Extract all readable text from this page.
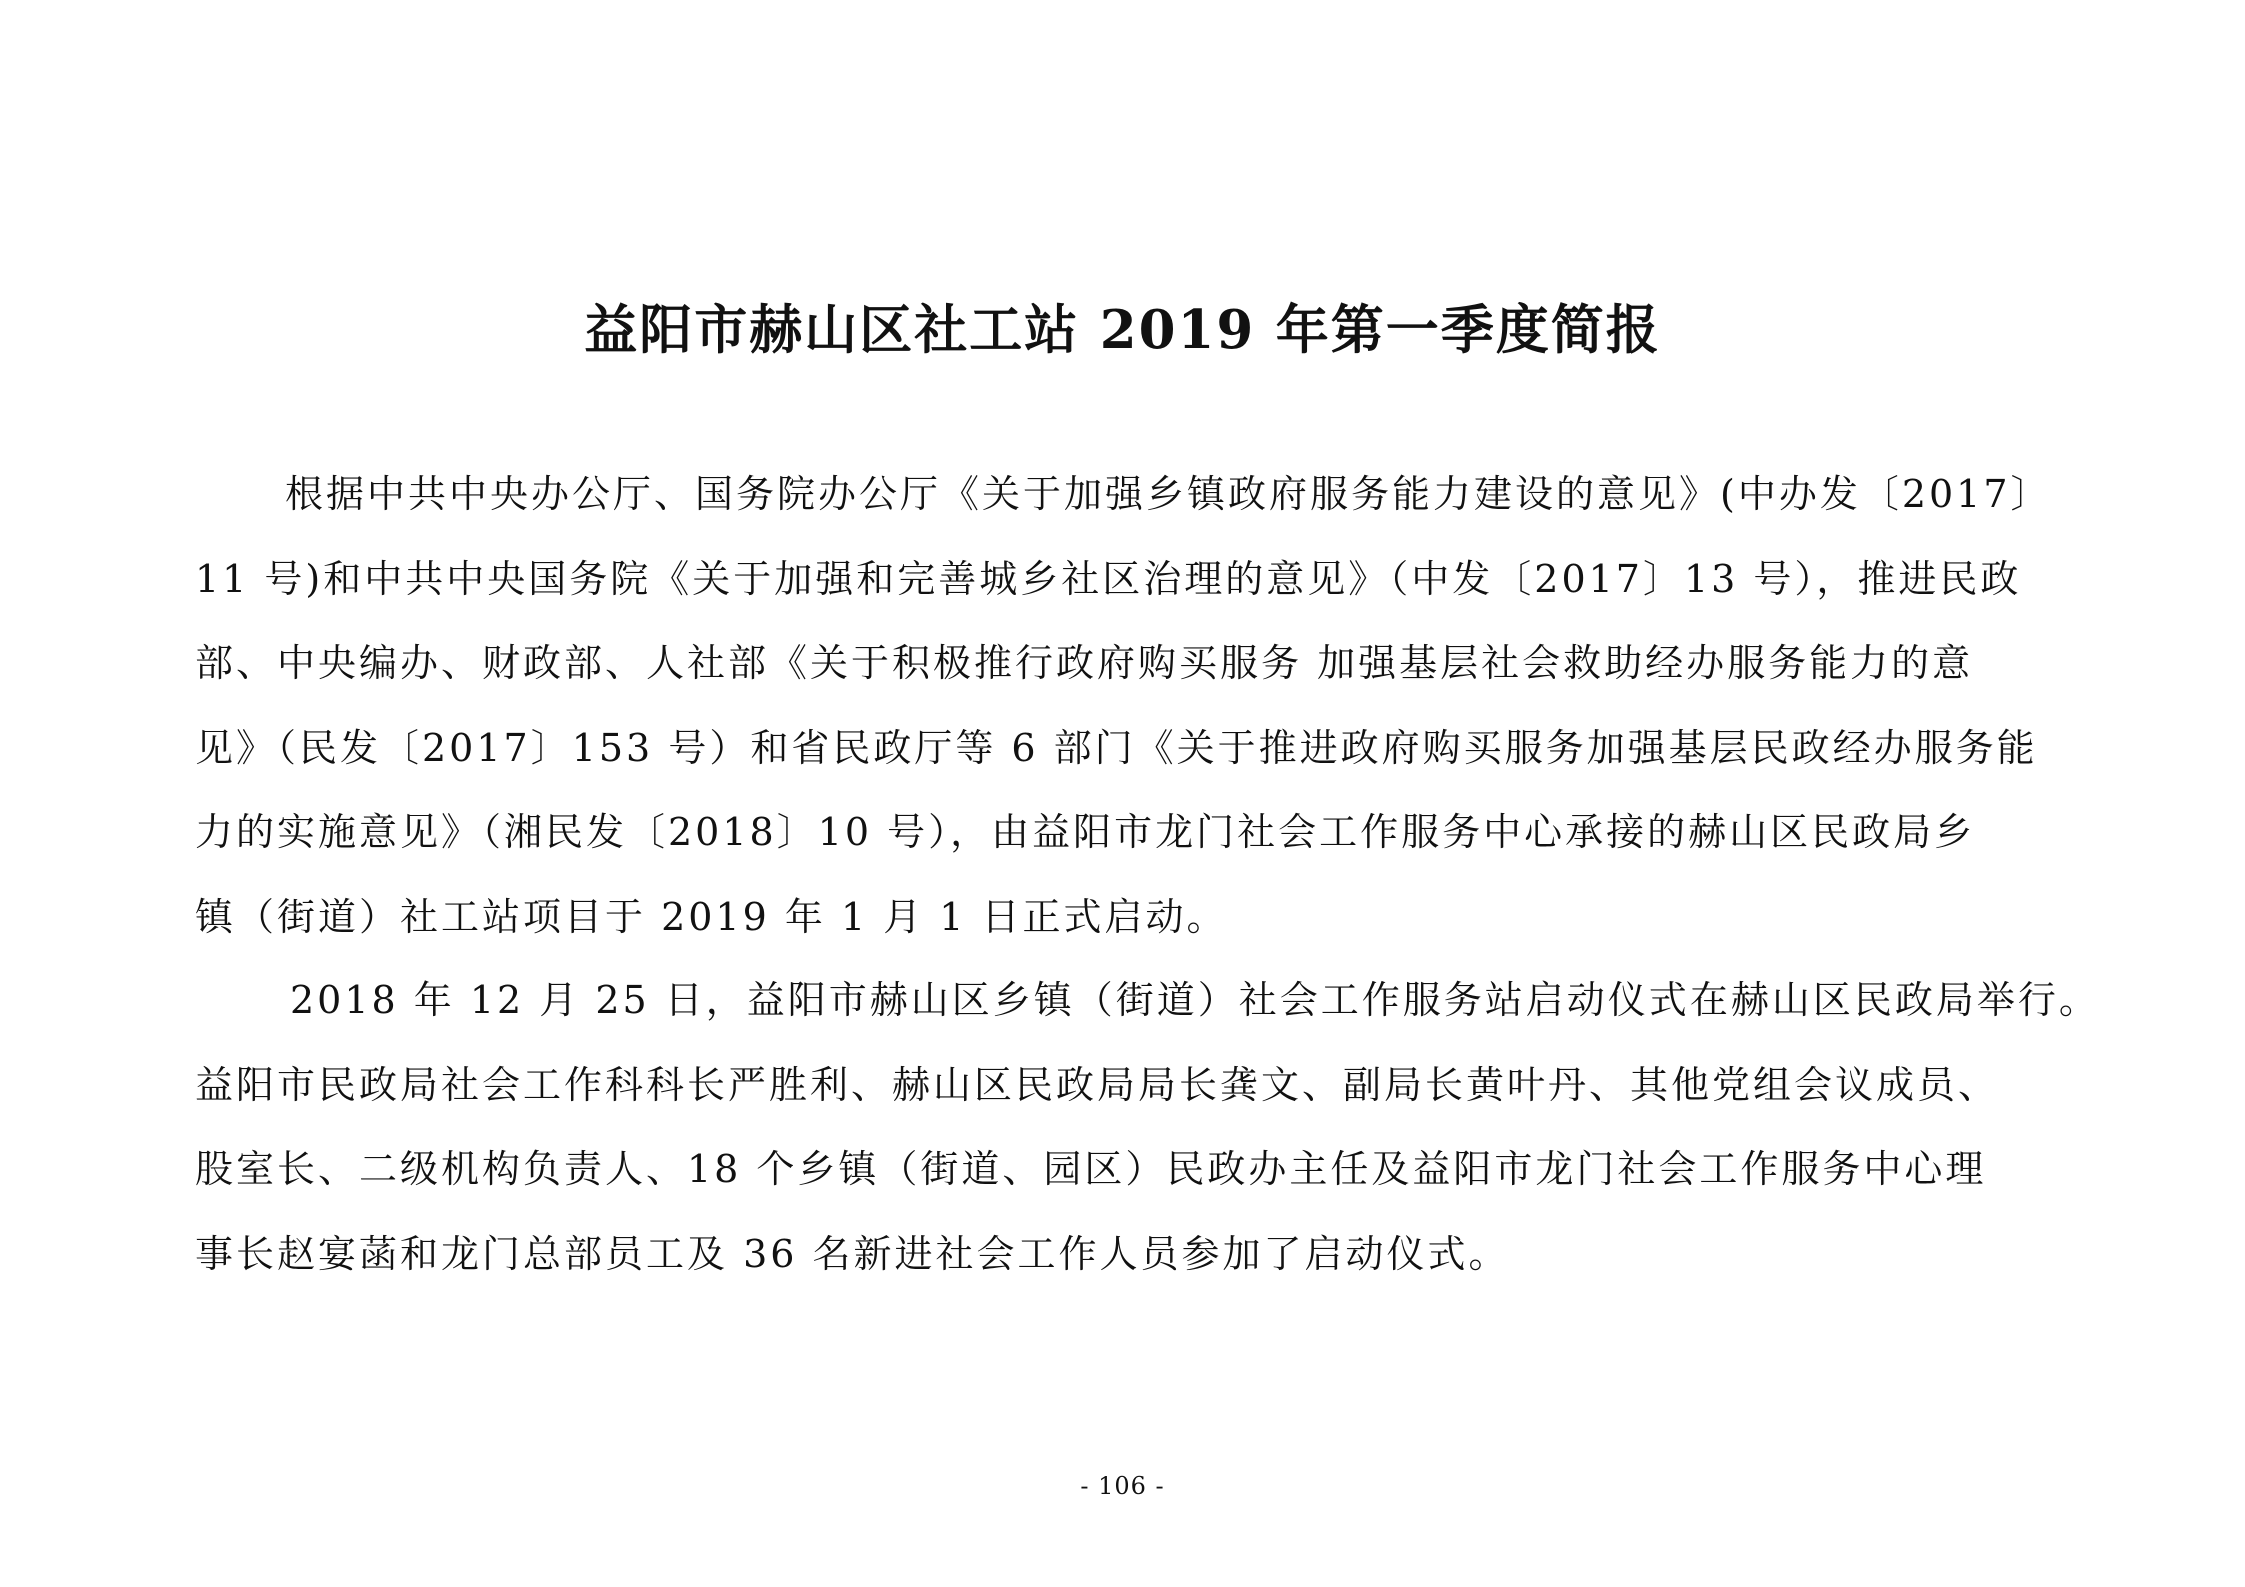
益阳市赫山区社工站 2019 年第一季度简报
根据中共中央办公厅、国务院办公厅《关于加强乡镇政府服务能力建设的意见》(中办发〔2017〕
11 号)和中共中央国务院《关于加强和完善城乡社区治理的意见》（中发〔2017〕13 号），推进民政
部、中央编办、财政部、人社部《关于积极推行政府购买服务 加强基层社会救助经办服务能力的意
见》（民发〔2017〕153 号）和省民政厅等 6 部门《关于推进政府购买服务加强基层民政经办服务能
力的实施意见》（湘民发〔2018〕10 号），由益阳市龙门社会工作服务中心承接的赫山区民政局乡
镇（街道）社工站项目于 2019 年 1 月 1 日正式启动。
2018 年 12 月 25 日，益阳市赫山区乡镇（街道）社会工作服务站启动仪式在赫山区民政局举行。
益阳市民政局社会工作科科长严胜利、赫山区民政局局长龚文、副局长黄叶丹、其他党组会议成员、
股室长、二级机构负责人、18 个乡镇（街道、园区）民政办主任及益阳市龙门社会工作服务中心理
事长赵宴菡和龙门总部员工及 36 名新进社会工作人员参加了启动仪式。
- 106 -
